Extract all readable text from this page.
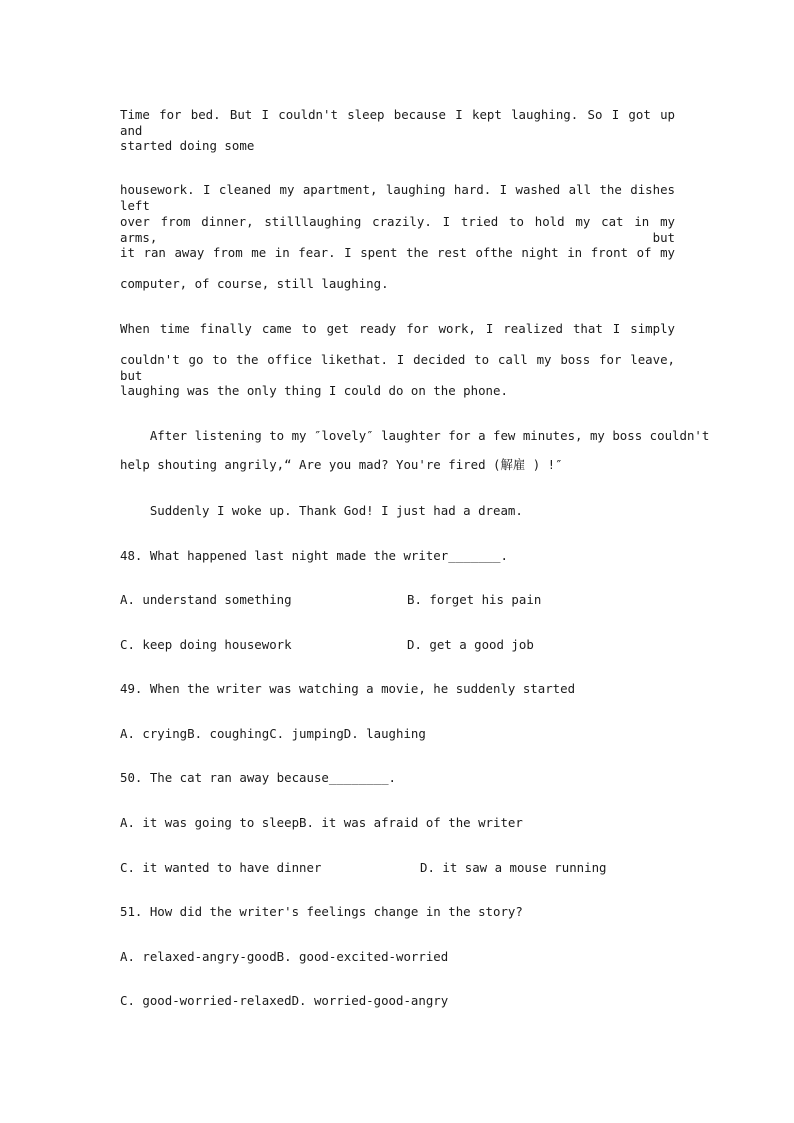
Time for bed. But I couldn't sleep because I kept laughing. So I got up and
started doing some
housework. I cleaned my apartment, laughing hard. I washed all the dishes left
over from dinner, stilllaughing crazily. I tried to hold my cat in my arms, but
it ran away from me in fear. I spent the rest ofthe night in front of my
computer, of course, still laughing.
When time finally came to get ready for work, I realized that I simply
couldn't go to the office likethat. I decided to call my boss for leave, but
laughing was the only thing I could do on the phone.
After listening to my ″lovely″ laughter for a few minutes, my boss couldn't
help shouting angrily,“ Are you mad? You're fired (解雇 ) !″
Suddenly I woke up. Thank God! I just had a dream.
48. What happened last night made the writer_______.
A. understand something	B. forget his pain
C. keep doing housework	D. get a good job
49. When the writer was watching a movie, he suddenly started
A. cryingB. coughingC. jumpingD. laughing
50. The cat ran away because________.
A. it was going to sleepB. it was afraid of the writer
C. it wanted to have dinner	D. it saw a mouse running
51. How did the writer's feelings change in the story?
A. relaxed-angry-goodB. good-excited-worried
C. good-worried-relaxedD. worried-good-angry
